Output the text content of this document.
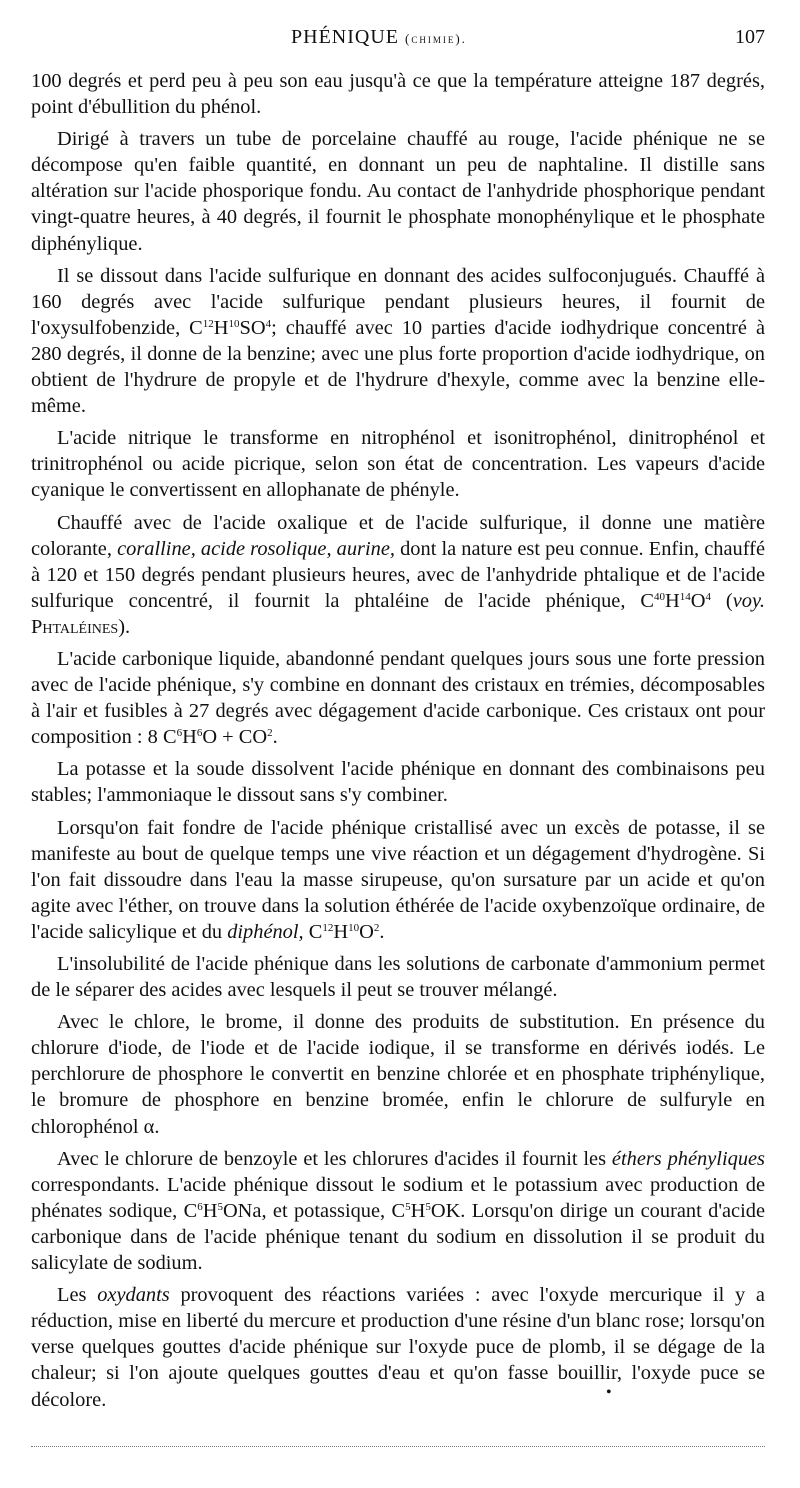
PHÉNIQUE (chimie).	107

100 degrés et perd peu à peu son eau jusqu'à ce que la température atteigne 187 degrés, point d'ébullition du phénol.

Dirigé à travers un tube de porcelaine chauffé au rouge, l'acide phénique ne se décompose qu'en faible quantité, en donnant un peu de naphtaline. Il distille sans altération sur l'acide phosporique fondu. Au contact de l'anhydride phosphorique pendant vingt-quatre heures, à 40 degrés, il fournit le phosphate monophénylique et le phosphate diphénylique.

Il se dissout dans l'acide sulfurique en donnant des acides sulfoconjugués. Chauffé à 160 degrés avec l'acide sulfurique pendant plusieurs heures, il fournit de l'oxysulfobenzide, $C^{12}H^{10}SO^4$; chauffé avec 10 parties d'acide iodhydrique concentré à 280 degrés, il donne de la benzine; avec une plus forte proportion d'acide iodhydrique, on obtient de l'hydrure de propyle et de l'hydrure d'hexyle, comme avec la benzine elle-même.

L'acide nitrique le transforme en nitrophénol et isonitrophénol, dinitrophénol et trinitrophénol ou acide picrique, selon son état de concentration. Les vapeurs d'acide cyanique le convertissent en allophanate de phényle.

Chauffé avec de l'acide oxalique et de l'acide sulfurique, il donne une matière colorante, coralline, acide rosolique, aurine, dont la nature est peu connue. Enfin, chauffé à 120 et 150 degrés pendant plusieurs heures, avec de l'anhydride phtalique et de l'acide sulfurique concentré, il fournit la phtaléine de l'acide phénique, $C^{40}H^{14}O^4$ (voy. Phtaléines).

L'acide carbonique liquide, abandonné pendant quelques jours sous une forte pression avec de l'acide phénique, s'y combine en donnant des cristaux en trémies, décomposables à l'air et fusibles à 27 degrés avec dégagement d'acide carbonique. Ces cristaux ont pour composition : 8 $C^6H^6O + CO^2$.

La potasse et la soude dissolvent l'acide phénique en donnant des combinaisons peu stables; l'ammoniaque le dissout sans s'y combiner.

Lorsqu'on fait fondre de l'acide phénique cristallisé avec un excès de potasse, il se manifeste au bout de quelque temps une vive réaction et un dégagement d'hydrogène. Si l'on fait dissoudre dans l'eau la masse sirupeuse, qu'on sursature par un acide et qu'on agite avec l'éther, on trouve dans la solution éthérée de l'acide oxybenzoïque ordinaire, de l'acide salicylique et du diphénol, $C^{12}H^{10}O^2$.

L'insolubilité de l'acide phénique dans les solutions de carbonate d'ammonium permet de le séparer des acides avec lesquels il peut se trouver mélangé.

Avec le chlore, le brome, il donne des produits de substitution. En présence du chlorure d'iode, de l'iode et de l'acide iodique, il se transforme en dérivés iodés. Le perchlorure de phosphore le convertit en benzine chlorée et en phosphate triphénylique, le bromure de phosphore en benzine bromée, enfin le chlorure de sulfuryle en chlorophénol α.

Avec le chlorure de benzoyle et les chlorures d'acides il fournit les éthers phényliques correspondants. L'acide phénique dissout le sodium et le potassium avec production de phénates sodique, $C^6H^5ONa$, et potassique, $C^5H^5OK$. Lorsqu'on dirige un courant d'acide carbonique dans de l'acide phénique tenant du sodium en dissolution il se produit du salicylate de sodium.

Les oxydants provoquent des réactions variées : avec l'oxyde mercurique il y a réduction, mise en liberté du mercure et production d'une résine d'un blanc rose; lorsqu'on verse quelques gouttes d'acide phénique sur l'oxyde puce de plomb, il se dégage de la chaleur; si l'on ajoute quelques gouttes d'eau et qu'on fasse bouillir, l'oxyde puce se décolore.	•
